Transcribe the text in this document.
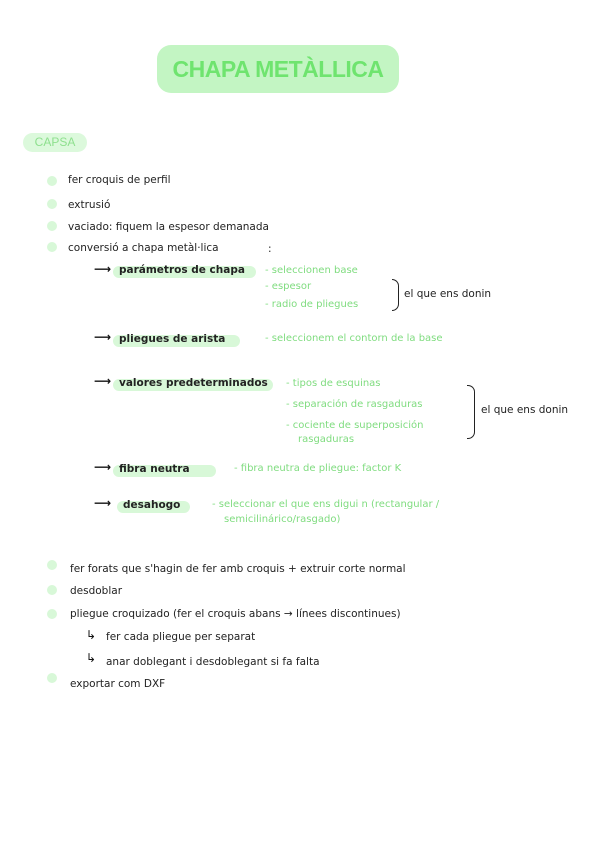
CHAPA METÀLLICA
CAPSA
fer croquis de perfil
extrusió
vaciado: fiquem la espesor demanada
conversió a chapa metàl·lica	:
⟶ parámetros de chapa - seleccionen base
- espesor
- radio de pliegues
el que ens donin
⟶ pliegues de arista	- seleccionem el contorn de la base
⟶ valores predeterminados - tipos de esquinas
- separación de rasgaduras
- cociente de superposición
rasgaduras
el que ens donin
⟶ fibra neutra	- fibra neutra de pliegue: factor K
⟶ desahogo	- seleccionar el que ens digui n (rectangular /
semicilinárico/rasgado)
fer forats que s'hagin de fer amb croquis + extruir corte normal
desdoblar
pliegue croquizado (fer el croquis abans → línees discontinues)
↳ fer cada pliegue per separat
↳ anar doblegant i desdoblegant si fa falta
exportar com DXF
